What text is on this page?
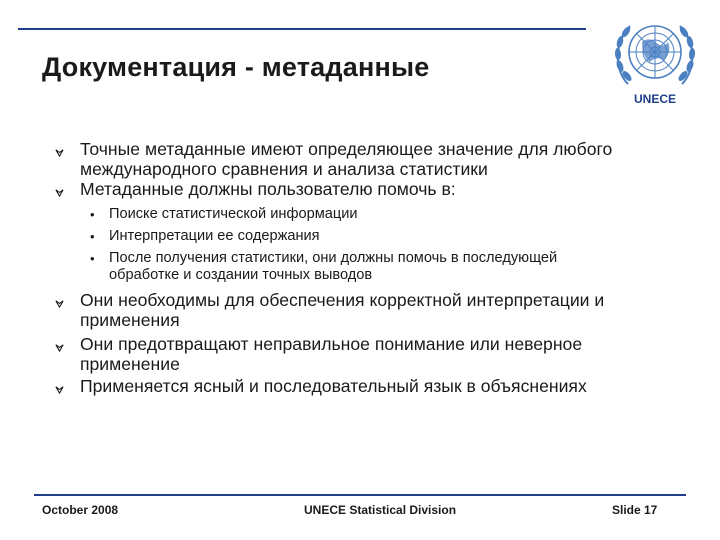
Документация - метаданные
UNECE

Точные метаданные имеют определяющее значение для любого международного сравнения и анализа статистики

Метаданные должны пользователю помочь в:

• Поиске статистической информации

• Интерпретации ее содержания

• После получения статистики, они должны помочь в последующей обработке и создании точных выводов

Они необходимы для обеспечения корректной интерпретации и применения

Они предотвращают неправильное понимание или неверное применение

Применяется ясный и последовательный язык в объяснениях

October 2008	UNECE Statistical Division	Slide 17
